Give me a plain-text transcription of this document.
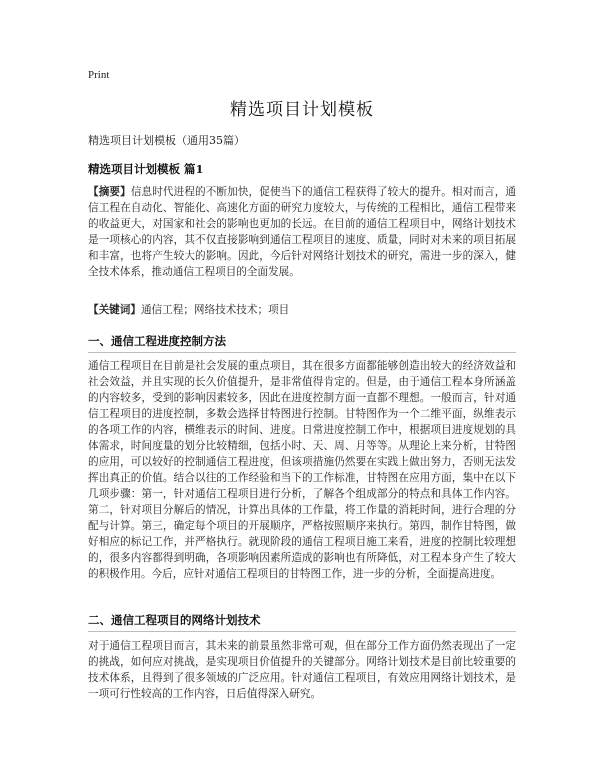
Print
精选项目计划模板
精选项目计划模板（通用35篇）
精选项目计划模板 篇1
【摘要】信息时代进程的不断加快，促使当下的通信工程获得了较大的提升。相对而言，通信工程在自动化、智能化、高速化方面的研究力度较大，与传统的工程相比，通信工程带来的收益更大，对国家和社会的影响也更加的长远。在目前的通信工程项目中，网络计划技术是一项核心的内容，其不仅直接影响到通信工程项目的速度、质量，同时对未来的项目拓展和丰富，也将产生较大的影响。因此，今后针对网络计划技术的研究，需进一步的深入，健全技术体系，推动通信工程项目的全面发展。
【关键词】通信工程；网络技术技术；项目
一、通信工程进度控制方法
通信工程项目在目前是社会发展的重点项目，其在很多方面都能够创造出较大的经济效益和社会效益，并且实现的长久价值提升，是非常值得肯定的。但是，由于通信工程本身所涵盖的内容较多，受到的影响因素较多，因此在进度控制方面一直都不理想。一般而言，针对通信工程项目的进度控制，多数会选择甘特图进行控制。甘特图作为一个二维平面，纵维表示的各项工作的内容，横维表示的时间、进度。日常进度控制工作中，根据项目进度规划的具体需求，时间度量的划分比较精细，包括小时、天、周、月等等。从理论上来分析，甘特图的应用，可以较好的控制通信工程进度，但该项措施仍然要在实践上做出努力，否则无法发挥出真正的价值。结合以往的工作经验和当下的工作标准，甘特图在应用方面，集中在以下几项步骤：第一，针对通信工程项目进行分析，了解各个组成部分的特点和具体工作内容。第二，针对项目分解后的情况，计算出具体的工作量，将工作量的消耗时间，进行合理的分配与计算。第三，确定每个项目的开展顺序，严格按照顺序来执行。第四，制作甘特图，做好相应的标记工作，并严格执行。就现阶段的通信工程项目施工来看，进度的控制比较理想的，很多内容都得到明确，各项影响因素所造成的影响也有所降低，对工程本身产生了较大的积极作用。今后，应针对通信工程项目的甘特图工作，进一步的分析，全面提高进度。
二、通信工程项目的网络计划技术
对于通信工程项目而言，其未来的前景虽然非常可观，但在部分工作方面仍然表现出了一定的挑战，如何应对挑战，是实现项目价值提升的关键部分。网络计划技术是目前比较重要的技术体系，且得到了很多领域的广泛应用。针对通信工程项目，有效应用网络计划技术，是一项可行性较高的工作内容，日后值得深入研究。
